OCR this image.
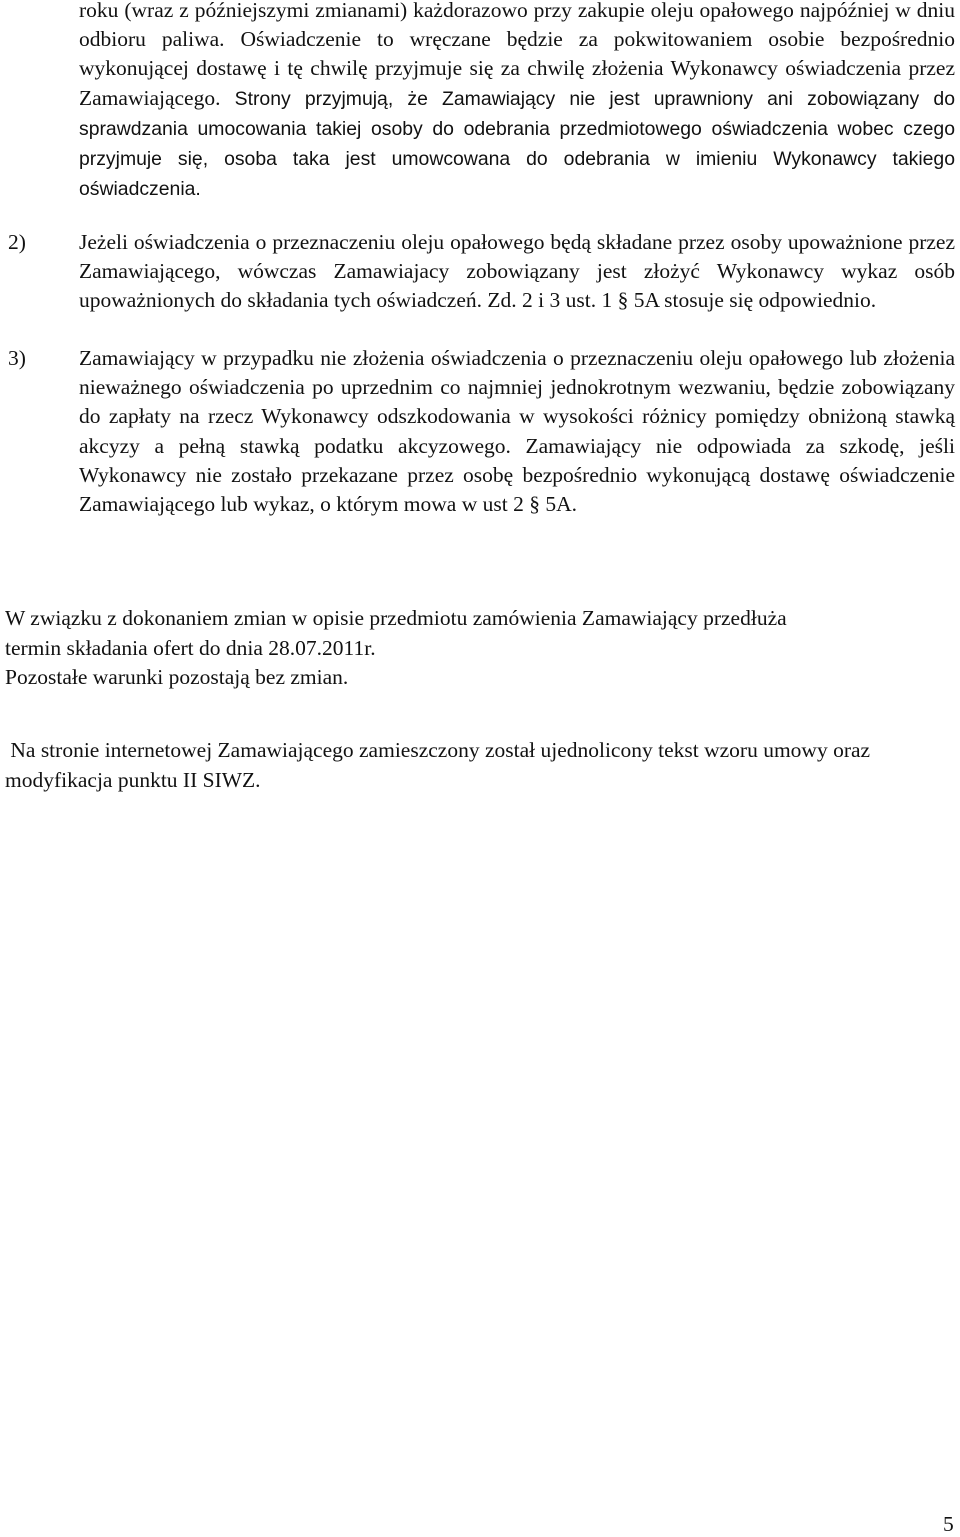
roku (wraz z późniejszymi zmianami) każdorazowo przy zakupie oleju opałowego najpóźniej w dniu odbioru paliwa. Oświadczenie to wręczane będzie za pokwitowaniem osobie bezpośrednio wykonującej dostawę i tę chwilę przyjmuje się za chwilę złożenia Wykonawcy oświadczenia przez Zamawiającego. Strony przyjmują, że Zamawiający nie jest uprawniony ani zobowiązany do sprawdzania umocowania takiej osoby do odebrania przedmiotowego oświadczenia wobec czego przyjmuje się, osoba taka jest umowcowana do odebrania w imieniu Wykonawcy takiego oświadczenia.
2)	Jeżeli oświadczenia o przeznaczeniu oleju opałowego będą składane przez osoby upoważnione przez Zamawiającego, wówczas Zamawiajacy zobowiązany jest złożyć Wykonawcy wykaz osób upoważnionych do składania tych oświadczeń. Zd. 2 i 3 ust. 1 § 5A stosuje się odpowiednio.
3)	Zamawiający w przypadku nie złożenia oświadczenia o przeznaczeniu oleju opałowego lub złożenia nieważnego oświadczenia po uprzednim co najmniej jednokrotnym wezwaniu, będzie zobowiązany do zapłaty na rzecz Wykonawcy odszkodowania w wysokości różnicy pomiędzy obniżoną stawką akcyzy a pełną stawką podatku akcyzowego. Zamawiający nie odpowiada za szkodę, jeśli Wykonawcy nie zostało przekazane przez osobę bezpośrednio wykonującą dostawę oświadczenie Zamawiającego lub wykaz, o którym mowa w ust 2 § 5A.
W związku z dokonaniem zmian w opisie przedmiotu zamówienia Zamawiający przedłuża
termin składania ofert do dnia 28.07.2011r.
Pozostałe warunki pozostają bez zmian.
Na stronie internetowej Zamawiającego zamieszczony został ujednolicony tekst wzoru umowy oraz modyfikacja punktu II SIWZ.
5
